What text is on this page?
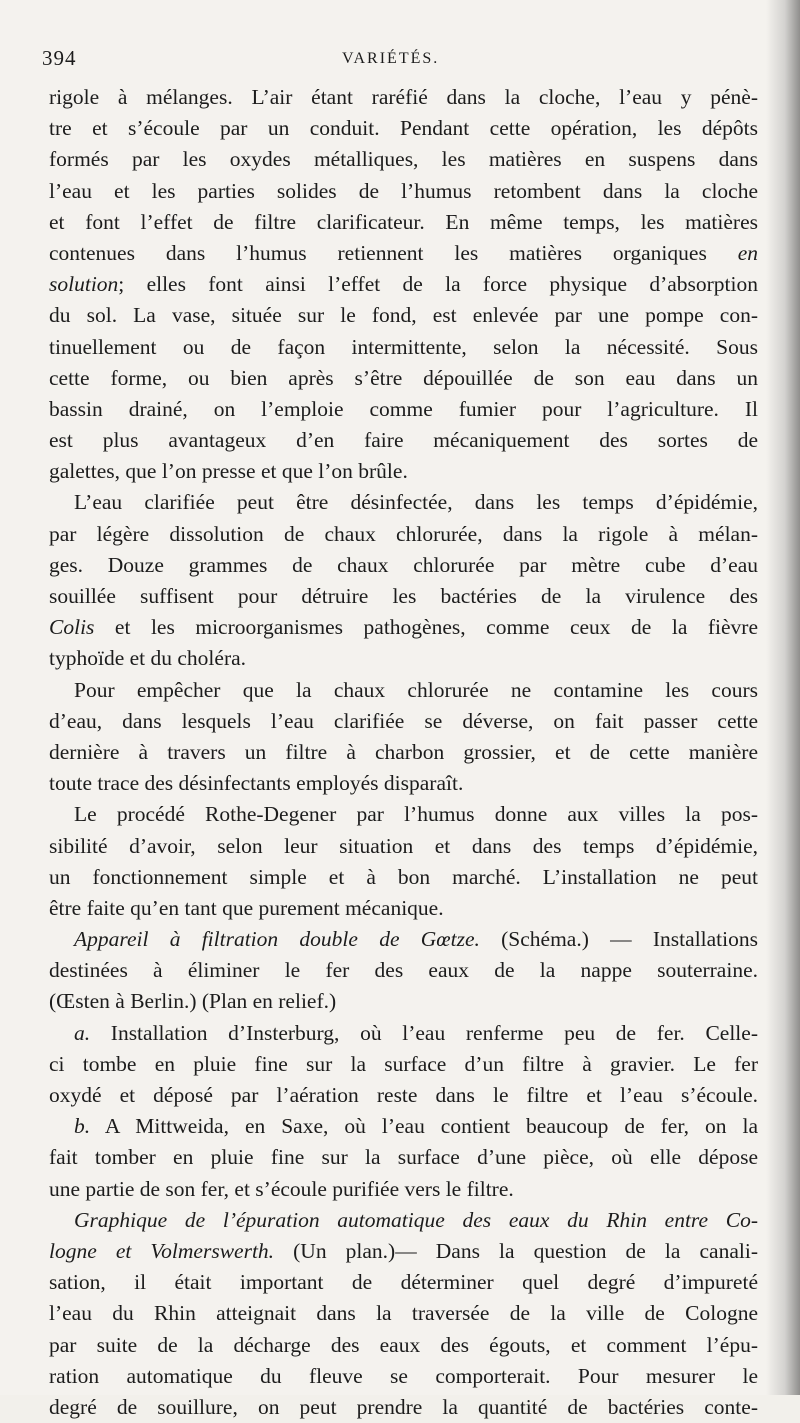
394	VARIÉTÉS.
rigole à mélanges. L’air étant raréfié dans la cloche, l’eau y pénè-
tre et s’écoule par un conduit. Pendant cette opération, les dépôts
formés par les oxydes métalliques, les matières en suspens dans
l’eau et les parties solides de l’humus retombent dans la cloche
et font l’effet de filtre clarificateur. En même temps, les matières
contenues dans l’humus retiennent les matières organiques en
solution; elles font ainsi l’effet de la force physique d’absorption
du sol. La vase, située sur le fond, est enlevée par une pompe con-
tinuellement ou de façon intermittente, selon la nécessité. Sous
cette forme, ou bien après s’être dépouillée de son eau dans un
bassin drainé, on l’emploie comme fumier pour l’agriculture. Il
est plus avantageux d’en faire mécaniquement des sortes de
galettes, que l’on presse et que l’on brûle.
L’eau clarifiée peut être désinfectée, dans les temps d’épidémie,
par légère dissolution de chaux chlorurée, dans la rigole à mélan-
ges. Douze grammes de chaux chlorurée par mètre cube d’eau
souillée suffisent pour détruire les bactéries de la virulence des
Colis et les microorganismes pathogènes, comme ceux de la fièvre
typhoïde et du choléra.
Pour empêcher que la chaux chlorurée ne contamine les cours
d’eau, dans lesquels l’eau clarifiée se déverse, on fait passer cette
dernière à travers un filtre à charbon grossier, et de cette manière
toute trace des désinfectants employés disparaît.
Le procédé Rothe-Degener par l’humus donne aux villes la pos-
sibilité d’avoir, selon leur situation et dans des temps d’épidémie,
un fonctionnement simple et à bon marché. L’installation ne peut
être faite qu’en tant que purement mécanique.
Appareil à filtration double de Gœtze. (Schéma.) — Installations
destinées à éliminer le fer des eaux de la nappe souterraine.
(Œsten à Berlin.) (Plan en relief.)
a. Installation d’Insterburg, où l’eau renferme peu de fer. Celle-
ci tombe en pluie fine sur la surface d’un filtre à gravier. Le fer
oxydé et déposé par l’aération reste dans le filtre et l’eau s’écoule.
b. A Mittweida, en Saxe, où l’eau contient beaucoup de fer, on la
fait tomber en pluie fine sur la surface d’une pièce, où elle dépose
une partie de son fer, et s’écoule purifiée vers le filtre.
Graphique de l’épuration automatique des eaux du Rhin entre Co-
logne et Volmerswerth. (Un plan.)— Dans la question de la canali-
sation, il était important de déterminer quel degré d’impureté
l’eau du Rhin atteignait dans la traversée de la ville de Cologne
par suite de la décharge des eaux des égouts, et comment l’épu-
ration automatique du fleuve se comporterait. Pour mesurer le
degré de souillure, on peut prendre la quantité de bactéries conte-
